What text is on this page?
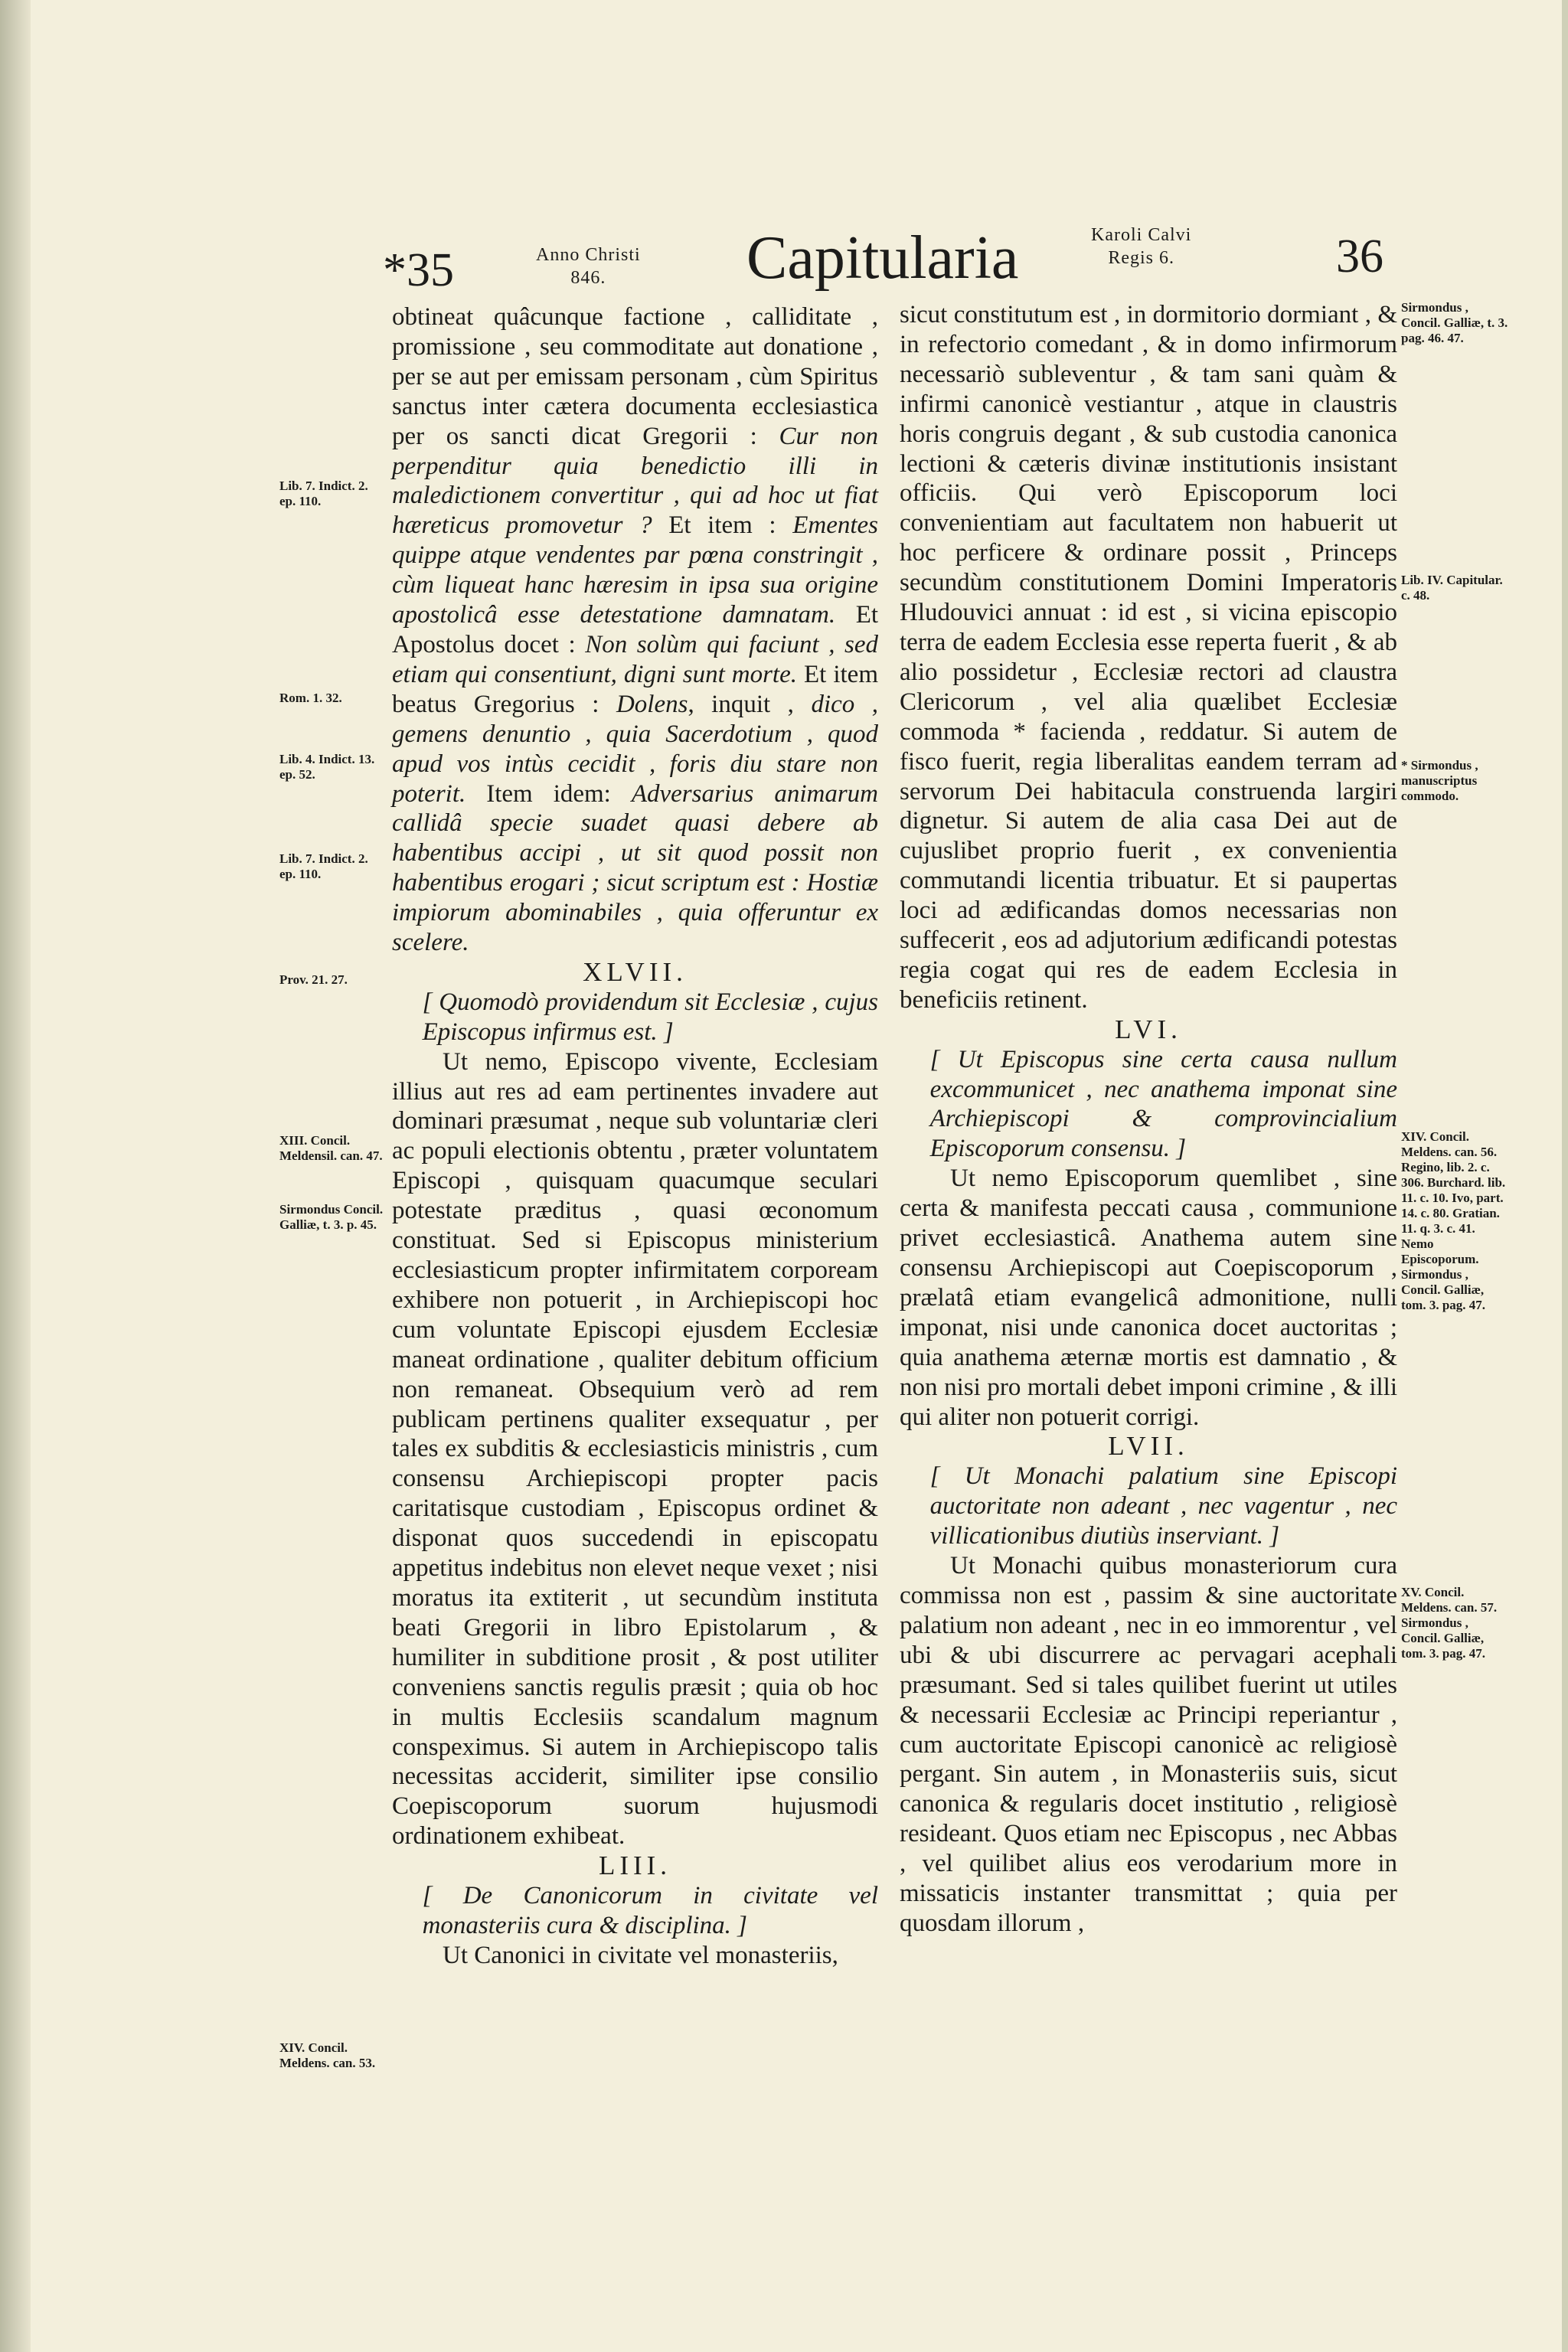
*35	Anno Christi
846.	Capitularia	Karoli Calvi
Regis 6.	36

obtineat quâcunque factione , calliditate , promissione , seu commoditate aut donatione , per se aut per emissam personam , cùm Spiritus sanctus inter cætera documenta ecclesiastica per os sancti dicat Gregorii : Cur non perpenditur quia benedictio illi in maledictionem convertitur , qui ad hoc ut fiat hæreticus promovetur ? Et item : Ementes quippe atque vendentes par pœna constringit , cùm liqueat hanc hæresim in ipsa sua origine apostolicâ esse detestatione damnatam. Et Apostolus docet : Non solùm qui faciunt , sed etiam qui consentiunt, digni sunt morte. Et item beatus Gregorius : Dolens, inquit , dico , gemens denuntio , quia Sacerdotium , quod apud vos intùs cecidit , foris diu stare non poterit. Item idem: Adversarius animarum callidâ specie suadet quasi debere ab habentibus accipi , ut sit quod possit non habentibus erogari ; sicut scriptum est : Hostiæ impiorum abominabiles , quia offeruntur ex scelere.

XLVII.

[ Quomodò providendum sit Ecclesiæ , cujus Episcopus infirmus est. ]

Ut nemo, Episcopo vivente, Ecclesiam illius aut res ad eam pertinentes invadere aut dominari præsumat , neque sub voluntariæ cleri ac populi electionis obtentu , præter voluntatem Episcopi , quisquam quacumque seculari potestate præditus , quasi œconomum constituat. Sed si Episcopus ministerium ecclesiasticum propter infirmitatem corpoream exhibere non potuerit , in Archiepiscopi hoc cum voluntate Episcopi ejusdem Ecclesiæ maneat ordinatione , qualiter debitum officium non remaneat. Obsequium verò ad rem publicam pertinens qualiter exsequatur , per tales ex subditis & ecclesiasticis ministris , cum consensu Archiepiscopi propter pacis caritatisque custodiam , Episcopus ordinet & disponat quos succedendi in episcopatu appetitus indebitus non elevet neque vexet ; nisi moratus ita extiterit , ut secundùm instituta beati Gregorii in libro Epistolarum , & humiliter in subditione prosit , & post utiliter conveniens sanctis regulis præsit ; quia ob hoc in multis Ecclesiis scandalum magnum conspeximus. Si autem in Archiepiscopo talis necessitas acciderit, similiter ipse consilio Coepiscoporum suorum hujusmodi ordinationem exhibeat.

LIII.

[ De Canonicorum in civitate vel monasteriis cura & disciplina. ]

Ut Canonici in civitate vel monasteriis,

sicut constitutum est , in dormitorio dormiant , & in refectorio comedant , & in domo infirmorum necessariò subleventur , & tam sani quàm & infirmi canonicè vestiantur , atque in claustris horis congruis degant , & sub custodia canonica lectioni & cæteris divinæ institutionis insistant officiis. Qui verò Episcoporum loci convenientiam aut facultatem non habuerit ut hoc perficere & ordinare possit , Princeps secundùm constitutionem Domini Imperatoris Hludouvici annuat : id est , si vicina episcopio terra de eadem Ecclesia esse reperta fuerit , & ab alio possidetur , Ecclesiæ rectori ad claustra Clericorum , vel alia quælibet Ecclesiæ commoda * facienda , reddatur. Si autem de fisco fuerit, regia liberalitas eandem terram ad servorum Dei habitacula construenda largiri dignetur. Si autem de alia casa Dei aut de cujuslibet proprio fuerit , ex convenientia commutandi licentia tribuatur. Et si paupertas loci ad ædificandas domos necessarias non suffecerit , eos ad adjutorium ædificandi potestas regia cogat qui res de eadem Ecclesia in beneficiis retinent.

LVI.

[ Ut Episcopus sine certa causa nullum excommunicet , nec anathema imponat sine Archiepiscopi & comprovincialium Episcoporum consensu. ]

Ut nemo Episcoporum quemlibet , sine certa & manifesta peccati causa , communione privet ecclesiasticâ. Anathema autem sine consensu Archiepiscopi aut Coepiscoporum , prælatâ etiam evangelicâ admonitione, nulli imponat, nisi unde canonica docet auctoritas ; quia anathema æternæ mortis est damnatio , & non nisi pro mortali debet imponi crimine , & illi qui aliter non potuerit corrigi.

LVII.

[ Ut Monachi palatium sine Episcopi auctoritate non adeant , nec vagentur , nec villicationibus diutiùs inserviant. ]

Ut Monachi quibus monasteriorum cura commissa non est , passim & sine auctoritate palatium non adeant , nec in eo immorentur , vel ubi & ubi discurrere ac pervagari acephali præsumant. Sed si tales quilibet fuerint ut utiles & necessarii Ecclesiæ ac Principi reperiantur , cum auctoritate Episcopi canonicè ac religiosè pergant. Sin autem , in Monasteriis suis, sicut canonica & regularis docet institutio , religiosè resideant. Quos etiam nec Episcopus , nec Abbas , vel quilibet alius eos verodarium more in missaticis instanter transmittat ; quia per quosdam illorum ,

Lib. 7. Indict. 2. ep. 110.
Rom. 1. 32.
Lib. 4. Indict. 13. ep. 52.
Lib. 7. Indict. 2. ep. 110.
Prov. 21. 27.
XIII. Concil. Meldensil. can. 47.
Sirmondus Concil. Galliæ, t. 3. p. 45.
XIV. Concil. Meldens. can. 53.
Sirmondus , Concil. Galliæ, t. 3. pag. 46. 47.
Lib. IV. Capitular. c. 48.
* Sirmondus , manuscriptus commodo.
XIV. Concil. Meldens. can. 56. Regino, lib. 2. c. 306. Burchard. lib. 11. c. 10. Ivo, part. 14. c. 80. Gratian. 11. q. 3. c. 41. Nemo Episcoporum. Sirmondus , Concil. Galliæ, tom. 3. pag. 47.
XV. Concil. Meldens. can. 57. Sirmondus , Concil. Galliæ, tom. 3. pag. 47.
